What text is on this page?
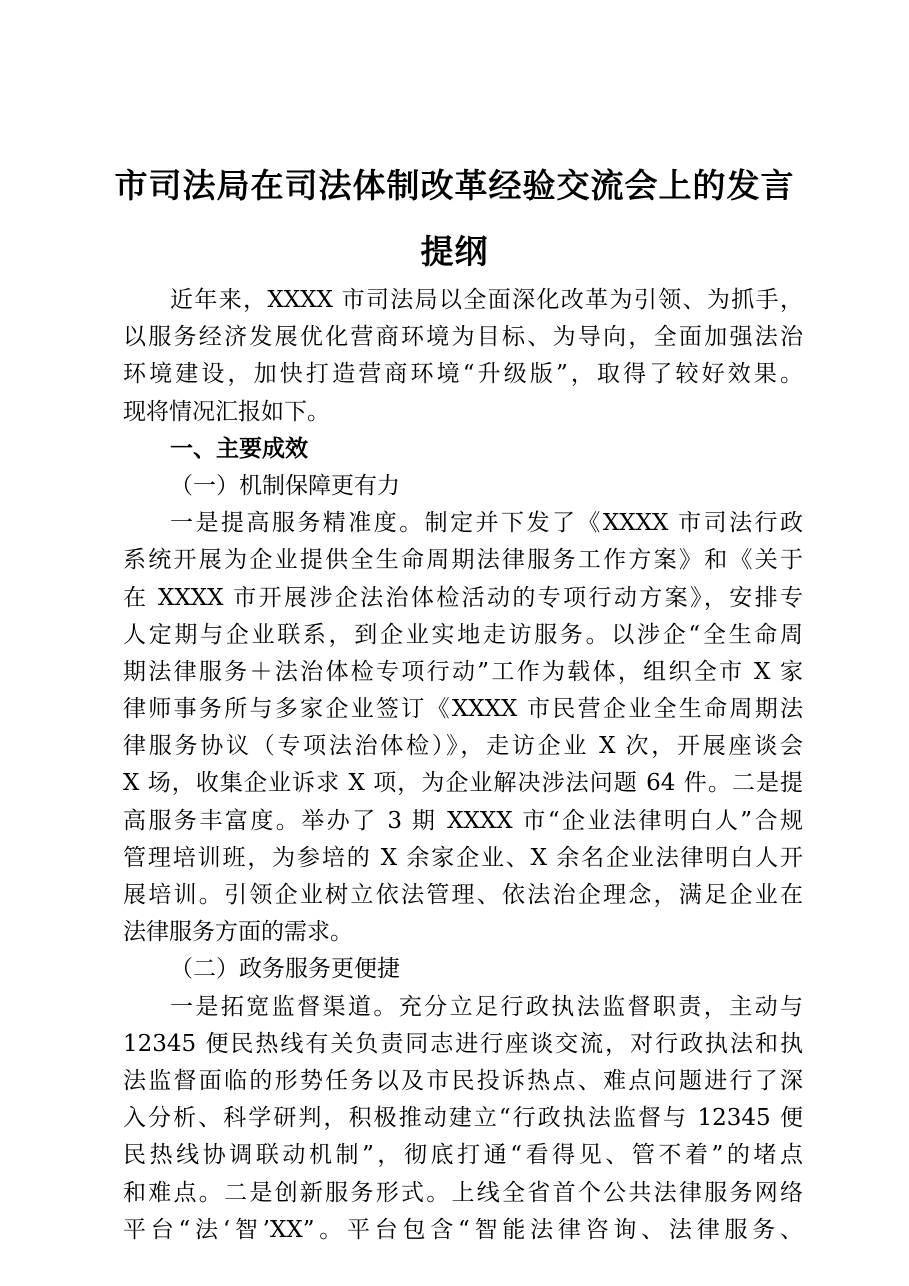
市司法局在司法体制改革经验交流会上的发言
提纲
近年来，XXXX 市司法局以全面深化改革为引领、为抓手，
以服务经济发展优化营商环境为目标、为导向，全面加强法治
环境建设，加快打造营商环境“升级版”，取得了较好效果。
现将情况汇报如下。
一、主要成效
（一）机制保障更有力
一是提高服务精准度。制定并下发了《XXXX 市司法行政
系统开展为企业提供全生命周期法律服务工作方案》和《关于
在 XXXX 市开展涉企法治体检活动的专项行动方案》，安排专
人定期与企业联系，到企业实地走访服务。以涉企“全生命周
期法律服务＋法治体检专项行动”工作为载体，组织全市 X 家
律师事务所与多家企业签订《XXXX 市民营企业全生命周期法
律服务协议（专项法治体检）》，走访企业 X 次，开展座谈会
X 场，收集企业诉求 X 项，为企业解决涉法问题 64 件。二是提
高服务丰富度。举办了 3 期 XXXX 市“企业法律明白人”合规
管理培训班，为参培的 X 余家企业、X 余名企业法律明白人开
展培训。引领企业树立依法管理、依法治企理念，满足企业在
法律服务方面的需求。
（二）政务服务更便捷
一是拓宽监督渠道。充分立足行政执法监督职责，主动与
12345 便民热线有关负责同志进行座谈交流，对行政执法和执
法监督面临的形势任务以及市民投诉热点、难点问题进行了深
入分析、科学研判，积极推动建立“行政执法监督与 12345 便
民热线协调联动机制”，彻底打通“看得见、管不着”的堵点
和难点。二是创新服务形式。上线全省首个公共法律服务网络
平台“法‘智’XX”。平台包含“智能法律咨询、法律服务、
